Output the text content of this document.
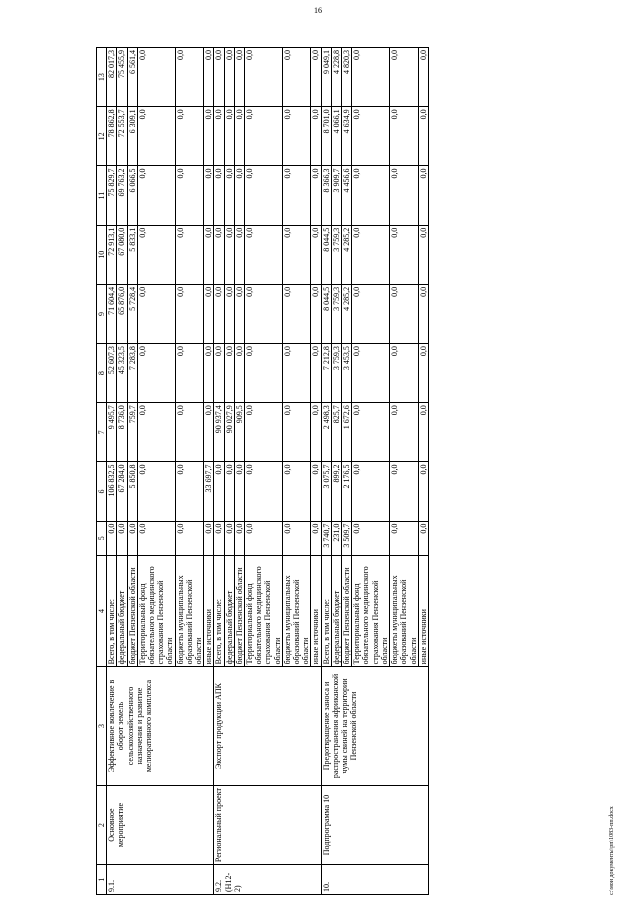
16
1	2	3	4	5	6	7	8	9	10	11	12	13
9.1.	Основное мероприятие	Эффективное вовлечение в оборот земель сельскохозяйственного назначения и развитие мелиоративного комплекса	Всего, в том числе:	0,0	106 832,5	9 495,7	52 607,3	71 604,4	72 913,1	75 829,7	78 862,8	82 017,3
			федеральный бюджет	0,0	67 284,0	8 736,0	45 323,5	65 876,0	67 080,0	69 763,2	72 553,7	75 455,9
			бюджет Пензенской области	0,0	5 850,8	759,7	7 283,8	5 728,4	5 833,1	6 066,5	6 309,1	6 561,4
			Территориальный фонд обязательного медицинского страхования Пензенской области	0,0	0,0	0,0	0,0	0,0	0,0	0,0	0,0	0,0
			бюджеты муниципальных образований Пензенской области	0,0	0,0	0,0	0,0	0,0	0,0	0,0	0,0	0,0
			иные источники	0,0	33 697,7	0,0	0,0	0,0	0,0	0,0	0,0	0,0
9.2. (Н12-2)	Региональный проект	Экспорт продукции АПК	Всего, в том числе:	0,0	0,0	90 937,4	0,0	0,0	0,0	0,0	0,0	0,0
			федеральный бюджет	0,0	0,0	90 027,9	0,0	0,0	0,0	0,0	0,0	0,0
			бюджет Пензенской области	0,0	0,0	909,5	0,0	0,0	0,0	0,0	0,0	0,0
			Территориальный фонд обязательного медицинского страхования Пензенской области	0,0	0,0	0,0	0,0	0,0	0,0	0,0	0,0	0,0
			бюджеты муниципальных образований Пензенской области	0,0	0,0	0,0	0,0	0,0	0,0	0,0	0,0	0,0
			иные источники	0,0	0,0	0,0	0,0	0,0	0,0	0,0	0,0	0,0
10.	Подпрограмма 10	Предотвращение заноса и распространения африканской чумы свиней на территории Пензенской области	Всего, в том числе:	3 740,7	3 075,7	2 498,3	7 212,8	8 044,5	8 044,5	8 366,3	8 701,0	9 049,1
			федеральный бюджет	231,0	899,2	825,7	3 759,3	3 759,3	3 759,3	3 909,7	4 066,1	4 228,8
			бюджет Пензенской области	3 509,7	2 176,5	1 672,6	3 453,5	4 285,2	4 285,2	4 456,6	4 634,9	4 820,3
			Территориальный фонд обязательного медицинского страхования Пензенской области	0,0	0,0	0,0	0,0	0,0	0,0	0,0	0,0	0,0
			бюджеты муниципальных образований Пензенской области	0,0	0,0	0,0	0,0	0,0	0,0	0,0	0,0	0,0
			иные источники	0,0	0,0	0,0	0,0	0,0	0,0	0,0	0,0	0,0
с:\мои документы\рп\1083-пп.docx
